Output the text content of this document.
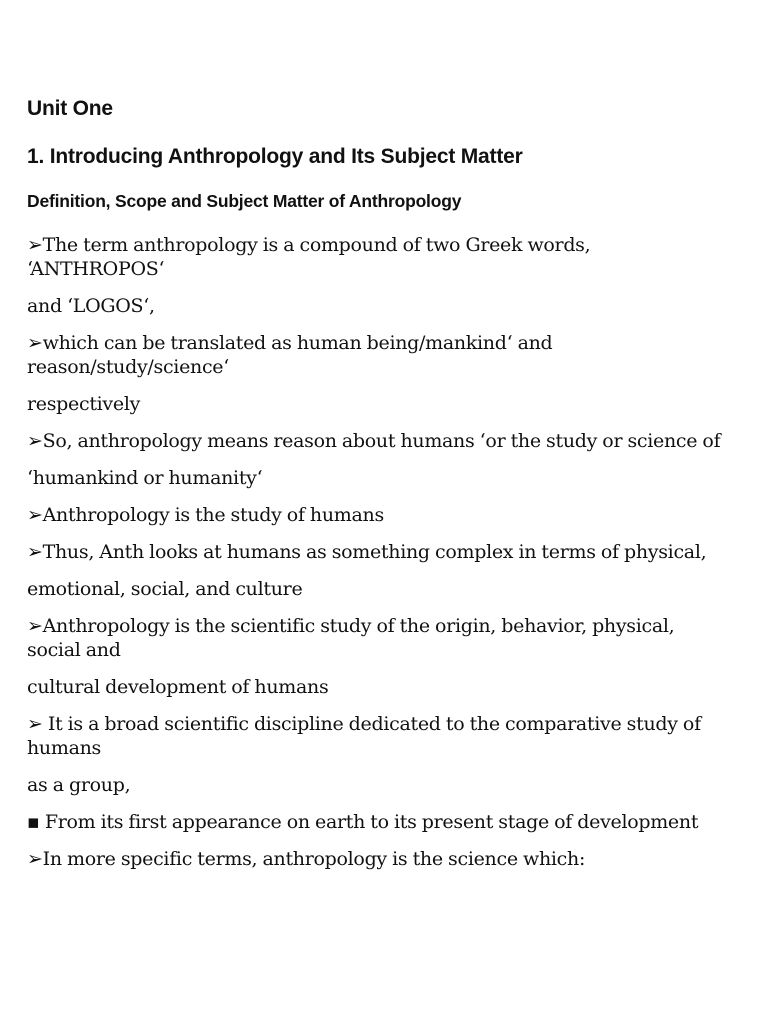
Unit One
1. Introducing Anthropology and Its Subject Matter
Definition, Scope and Subject Matter of Anthropology

➢The term anthropology is a compound of two Greek words, ‘ANTHROPOS‘

and ‘LOGOS‘,

➢which can be translated as human being/mankind‘ and reason/study/science‘

respectively

➢So, anthropology means reason about humans ‘or the study or science of

‘humankind or humanity‘

➢Anthropology is the study of humans

➢Thus, Anth looks at humans as something complex in terms of physical,

emotional, social, and culture

➢Anthropology is the scientific study of the origin, behavior, physical, social and

cultural development of humans

➢ It is a broad scientific discipline dedicated to the comparative study of humans

as a group,

▪ From its first appearance on earth to its present stage of development

➢In more specific terms, anthropology is the science which:
